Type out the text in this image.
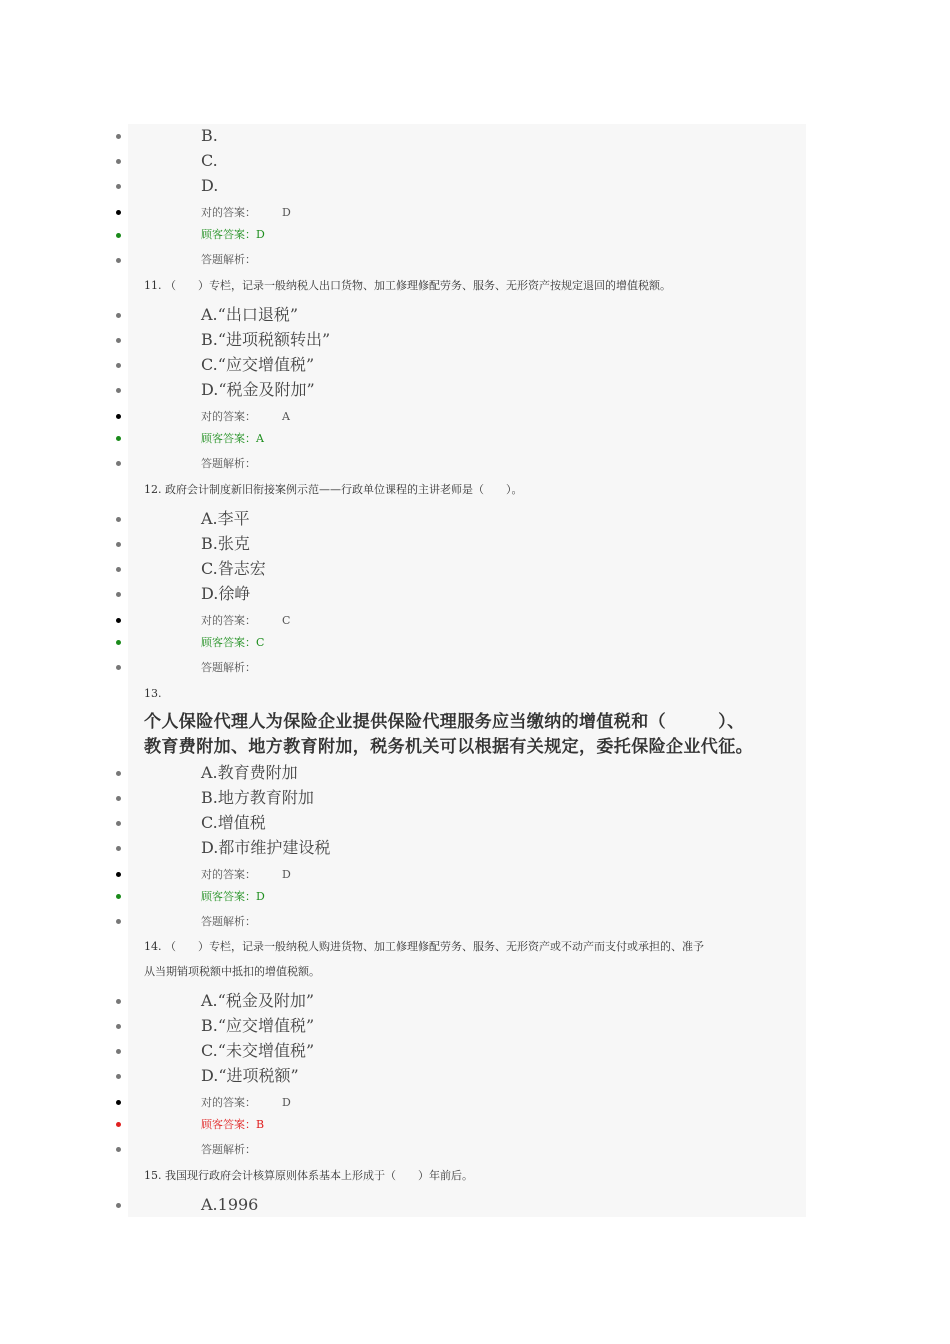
B.
C.
D.
对的答案： D
顾客答案：D
答题解析：
11. （　　）专栏，记录一般纳税人出口货物、加工修理修配劳务、服务、无形资产按规定退回的增值税额。
A.“出口退税”
B.“进项税额转出”
C.“应交增值税”
D.“税金及附加”
对的答案： A
顾客答案：A
答题解析：
12. 政府会计制度新旧衔接案例示范——行政单位课程的主讲老师是（　　）。
A.李平
B.张克
C.昝志宏
D.徐峥
对的答案： C
顾客答案：C
答题解析：
13.
个人保险代理人为保险企业提供保险代理服务应当缴纳的增值税和（　　　）、
教育费附加、地方教育附加，税务机关可以根据有关规定，委托保险企业代征。
A.教育费附加
B.地方教育附加
C.增值税
D.都市维护建设税
对的答案： D
顾客答案：D
答题解析：
14. （　　）专栏，记录一般纳税人购进货物、加工修理修配劳务、服务、无形资产或不动产而支付或承担的、准予
从当期销项税额中抵扣的增值税额。
A.“税金及附加”
B.“应交增值税”
C.“未交增值税”
D.“进项税额”
对的答案： D
顾客答案：B
答题解析：
15. 我国现行政府会计核算原则体系基本上形成于（　　）年前后。
A.1996
